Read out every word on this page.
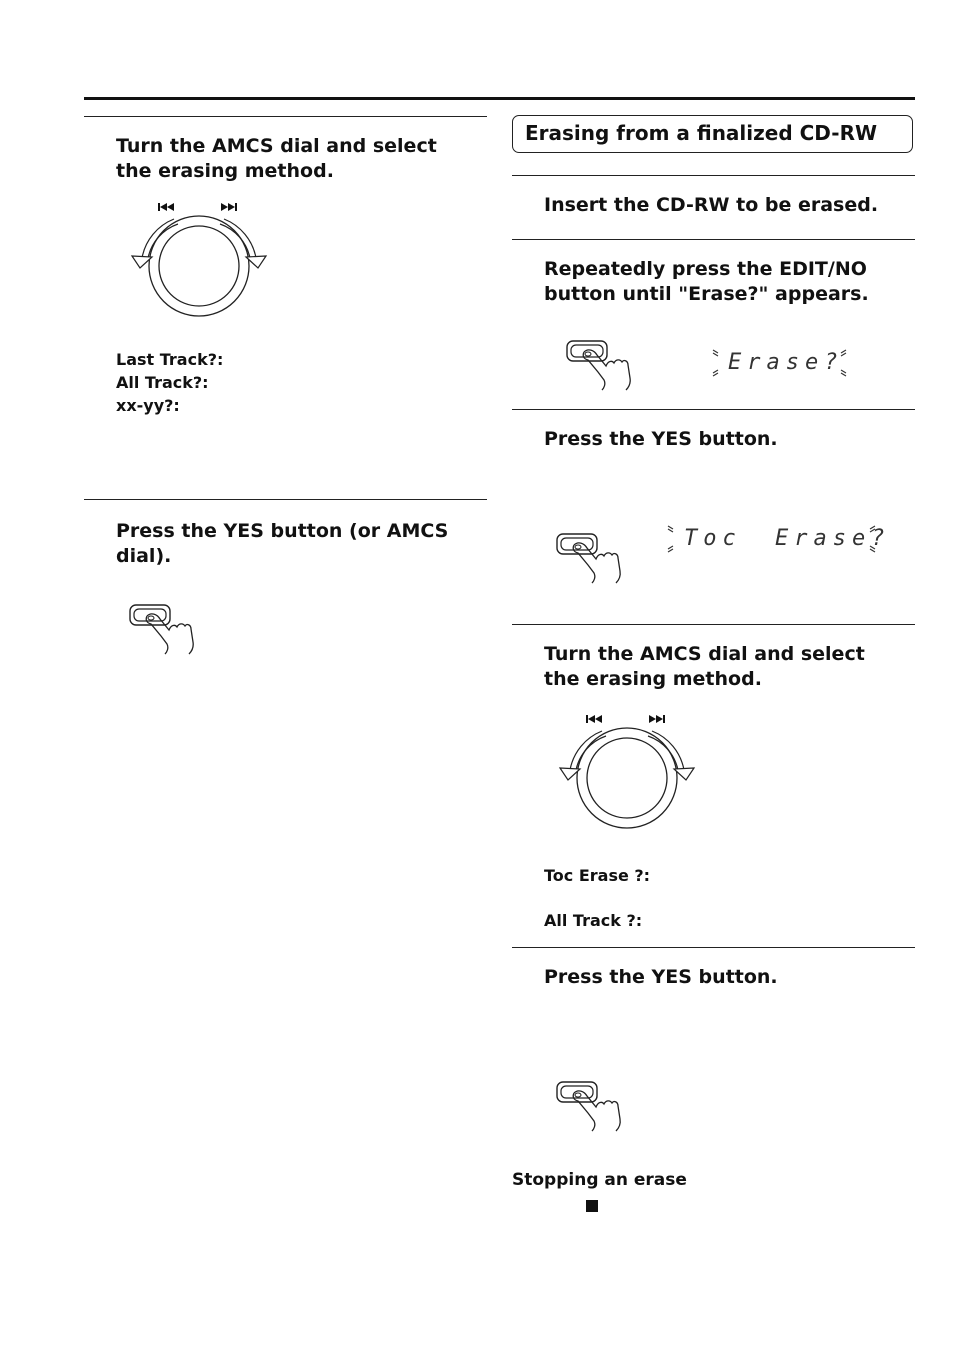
Turn the AMCS dial and select the erasing method.
Last Track?:
All Track?:
xx-yy?:
Press the YES button (or AMCS dial).
Erasing from a finalized CD-RW
Insert the CD-RW to be erased.
Repeatedly press the EDIT/NO button until "Erase?" appears.
Erase?
Press the YES button.
Toc Erase?
Turn the AMCS dial and select the erasing method.
Toc Erase ?:
All Track ?:
Press the YES button.
Stopping an erase
